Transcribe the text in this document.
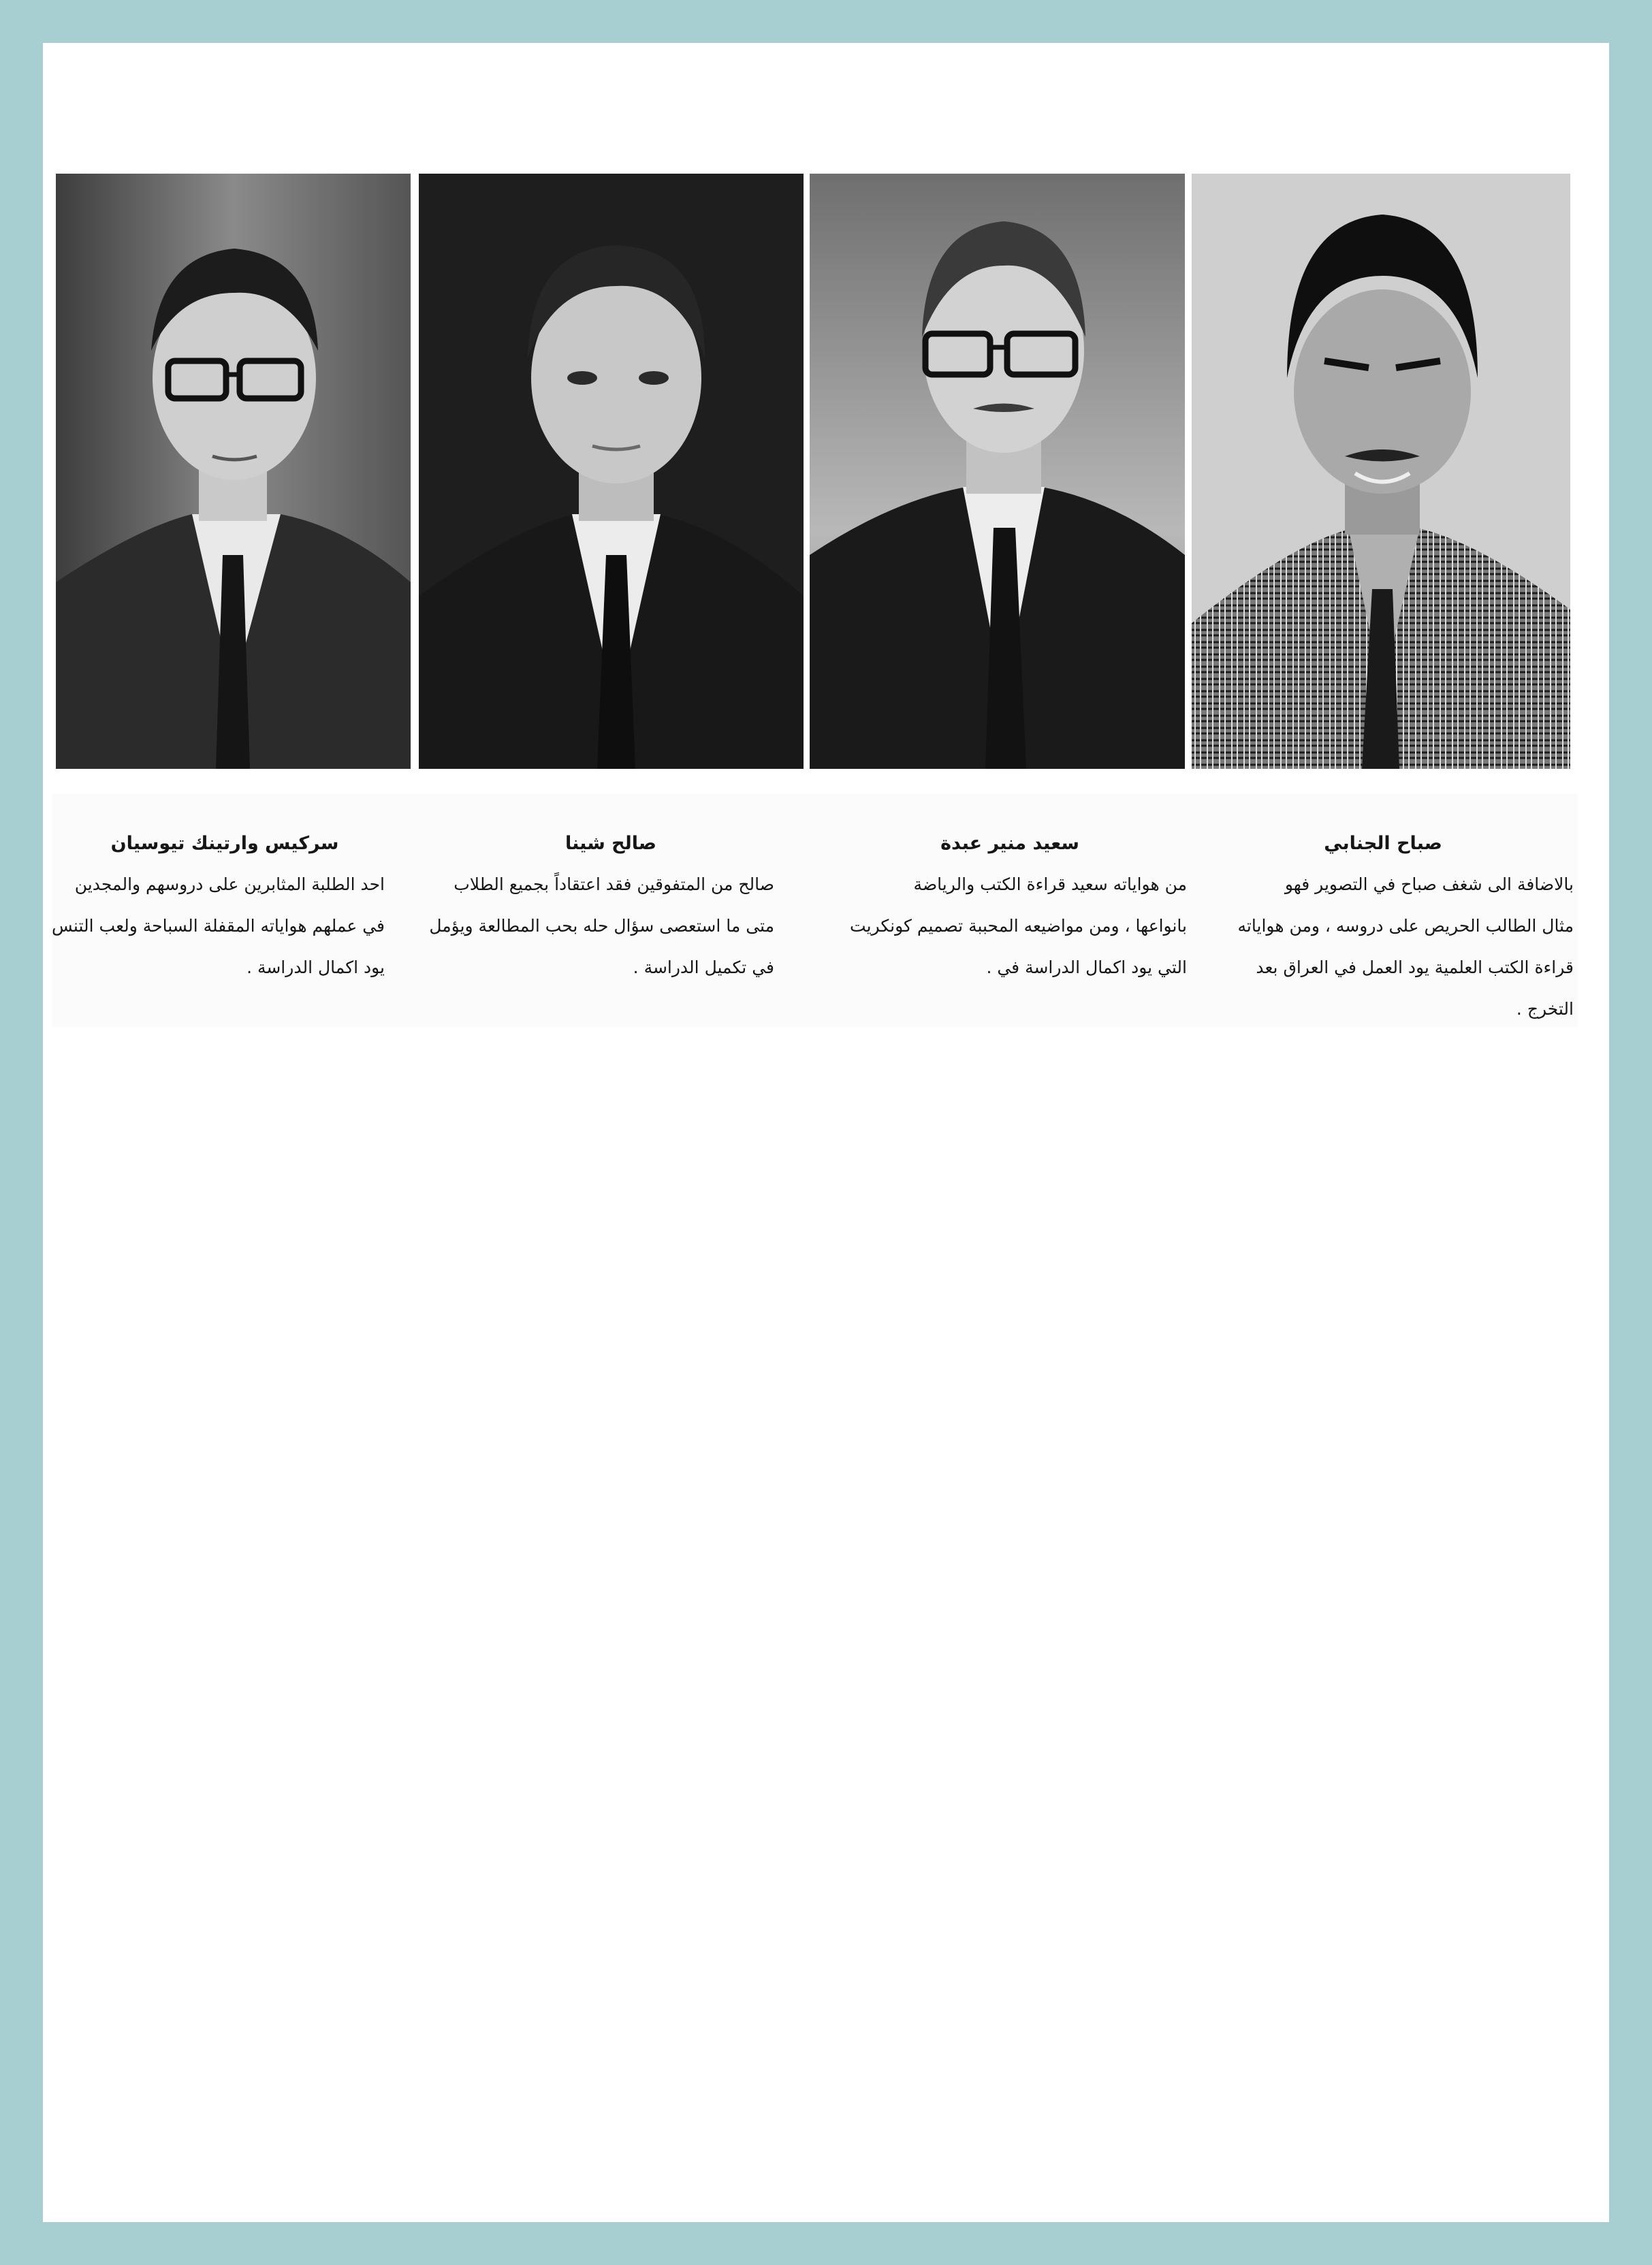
سركيس وارتينك تيوسيان
احد الطلبة المثابرين على دروسهم والمجدين
في عملهم هواياته المقفلة السباحة ولعب التنس
يود اكمال الدراسة .
صالح شينا
صالح من المتفوقين فقد اعتقاداً بجميع الطلاب
متى ما استعصى سؤال حله بحب المطالعة ويؤمل
في تكميل الدراسة .
سعيد منير عبدة
من هواياته سعيد قراءة الكتب والرياضة
بانواعها ، ومن مواضيعه المحببة تصميم كونكريت
التي يود اكمال الدراسة في .
صباح الجنابي
بالاضافة الى شغف صباح في التصوير فهو
مثال الطالب الحريص على دروسه ، ومن هواياته
قراءة الكتب العلمية يود العمل في العراق بعد
التخرج .
